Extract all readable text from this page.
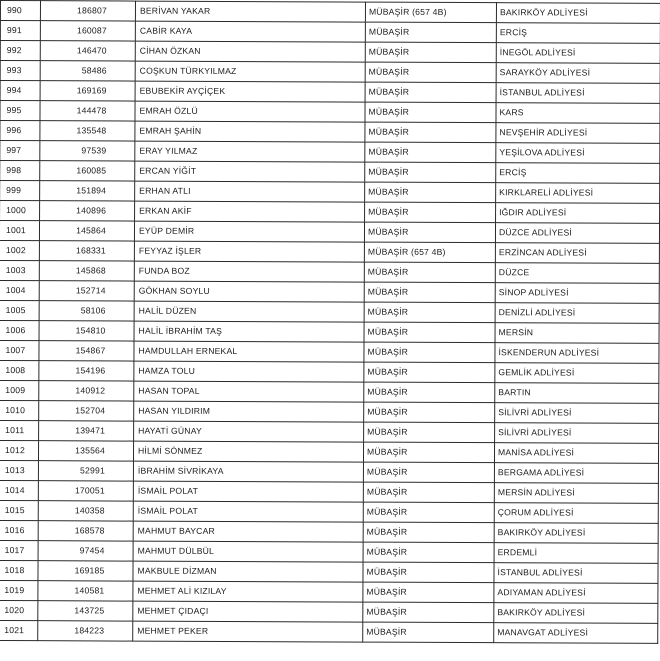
990	186807	BERİVAN YAKAR	MÜBAŞİR (657 4B)	BAKIRKÖY ADLİYESİ
991	160087	CABİR KAYA	MÜBAŞİR	ERCİŞ
992	146470	CİHAN ÖZKAN	MÜBAŞİR	İNEGÖL ADLİYESİ
993	58486	COŞKUN TÜRKYILMAZ	MÜBAŞİR	SARAYKÖY ADLİYESİ
994	169169	EBUBEKİR AYÇİÇEK	MÜBAŞİR	İSTANBUL ADLİYESİ
995	144478	EMRAH ÖZLÜ	MÜBAŞİR	KARS
996	135548	EMRAH ŞAHİN	MÜBAŞİR	NEVŞEHİR ADLİYESİ
997	97539	ERAY YILMAZ	MÜBAŞİR	YEŞİLOVA ADLİYESİ
998	160085	ERCAN YİĞİT	MÜBAŞİR	ERCİŞ
999	151894	ERHAN ATLI	MÜBAŞİR	KIRKLARELİ ADLİYESİ
1000	140896	ERKAN AKİF	MÜBAŞİR	IĞDIR ADLİYESİ
1001	145864	EYÜP DEMİR	MÜBAŞİR	DÜZCE ADLİYESİ
1002	168331	FEYYAZ İŞLER	MÜBAŞİR (657 4B)	ERZİNCAN ADLİYESİ
1003	145868	FUNDA BOZ	MÜBAŞİR	DÜZCE
1004	152714	GÖKHAN SOYLU	MÜBAŞİR	SİNOP ADLİYESİ
1005	58106	HALİL DÜZEN	MÜBAŞİR	DENİZLİ ADLİYESİ
1006	154810	HALİL İBRAHİM TAŞ	MÜBAŞİR	MERSİN
1007	154867	HAMDULLAH ERNEKAL	MÜBAŞİR	İSKENDERUN ADLİYESİ
1008	154196	HAMZA TOLU	MÜBAŞİR	GEMLİK ADLİYESİ
1009	140912	HASAN TOPAL	MÜBAŞİR	BARTIN
1010	152704	HASAN YILDIRIM	MÜBAŞİR	SİLİVRİ ADLİYESİ
1011	139471	HAYATİ GÜNAY	MÜBAŞİR	SİLİVRİ ADLİYESİ
1012	135564	HİLMİ SÖNMEZ	MÜBAŞİR	MANİSA ADLİYESİ
1013	52991	İBRAHİM SİVRİKAYA	MÜBAŞİR	BERGAMA ADLİYESİ
1014	170051	İSMAİL POLAT	MÜBAŞİR	MERSİN ADLİYESİ
1015	140358	İSMAİL POLAT	MÜBAŞİR	ÇORUM ADLİYESİ
1016	168578	MAHMUT BAYCAR	MÜBAŞİR	BAKIRKÖY ADLİYESİ
1017	97454	MAHMUT DÜLBÜL	MÜBAŞİR	ERDEMLİ
1018	169185	MAKBULE DİZMAN	MÜBAŞİR	İSTANBUL ADLİYESİ
1019	140581	MEHMET ALİ KIZILAY	MÜBAŞİR	ADIYAMAN ADLİYESİ
1020	143725	MEHMET ÇIDAÇI	MÜBAŞİR	BAKIRKÖY ADLİYESİ
1021	184223	MEHMET PEKER	MÜBAŞİR	MANAVGAT ADLİYESİ
